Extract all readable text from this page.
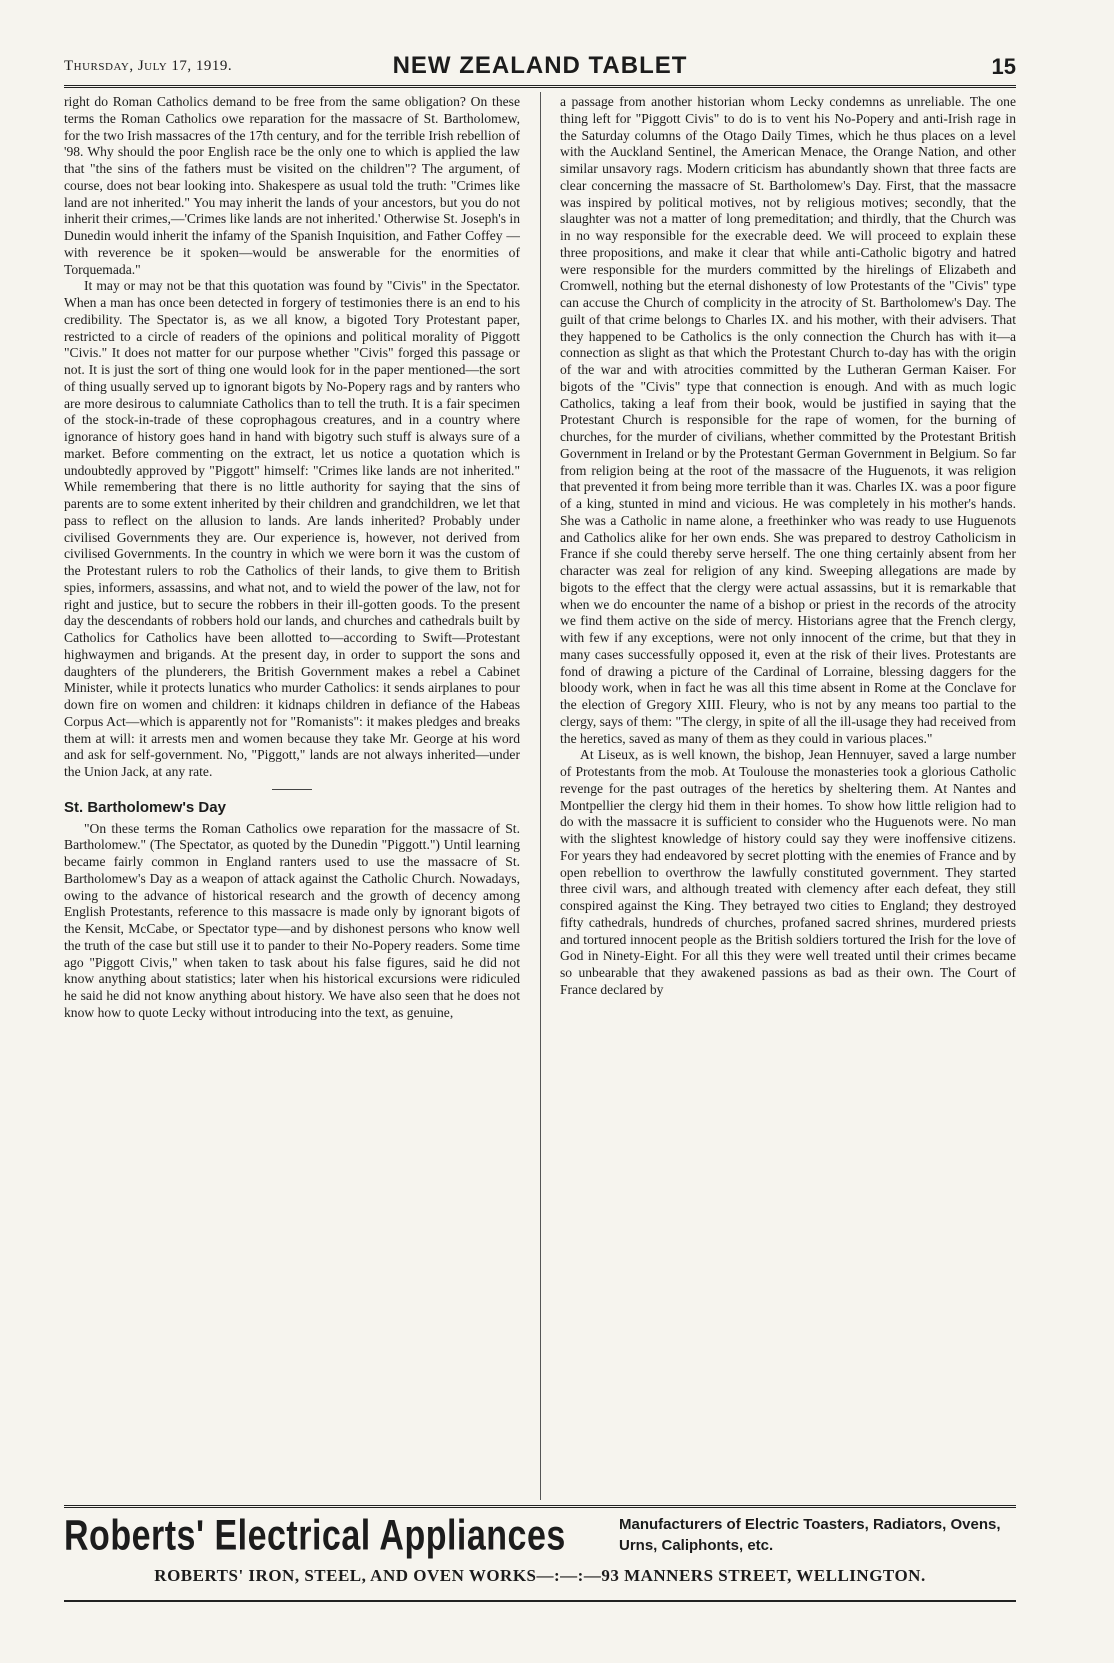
Thursday, July 17, 1919.	NEW ZEALAND TABLET	15

right do Roman Catholics demand to be free from the same obligation? On these terms the Roman Catholics owe reparation for the massacre of St. Bartholomew, for the two Irish massacres of the 17th century, and for the terrible Irish rebellion of '98. Why should the poor English race be the only one to which is applied the law that "the sins of the fathers must be visited on the children"? The argument, of course, does not bear looking into. Shakespere as usual told the truth: "Crimes like land are not inherited." You may inherit the lands of your ancestors, but you do not inherit their crimes,—'Crimes like lands are not inherited.' Otherwise St. Joseph's in Dunedin would inherit the infamy of the Spanish Inquisition, and Father Coffey —with reverence be it spoken—would be answerable for the enormities of Torquemada."

It may or may not be that this quotation was found by "Civis" in the Spectator. When a man has once been detected in forgery of testimonies there is an end to his credibility. The Spectator is, as we all know, a bigoted Tory Protestant paper, restricted to a circle of readers of the opinions and political morality of Piggott "Civis." It does not matter for our purpose whether "Civis" forged this passage or not. It is just the sort of thing one would look for in the paper mentioned—the sort of thing usually served up to ignorant bigots by No-Popery rags and by ranters who are more desirous to calumniate Catholics than to tell the truth. It is a fair specimen of the stock-in-trade of these coprophagous creatures, and in a country where ignorance of history goes hand in hand with bigotry such stuff is always sure of a market. Before commenting on the extract, let us notice a quotation which is undoubtedly approved by "Piggott" himself: "Crimes like lands are not inherited." While remembering that there is no little authority for saying that the sins of parents are to some extent inherited by their children and grandchildren, we let that pass to reflect on the allusion to lands. Are lands inherited? Probably under civilised Governments they are. Our experience is, however, not derived from civilised Governments. In the country in which we were born it was the custom of the Protestant rulers to rob the Catholics of their lands, to give them to British spies, informers, assassins, and what not, and to wield the power of the law, not for right and justice, but to secure the robbers in their ill-gotten goods. To the present day the descendants of robbers hold our lands, and churches and cathedrals built by Catholics for Catholics have been allotted to—according to Swift—Protestant highwaymen and brigands. At the present day, in order to support the sons and daughters of the plunderers, the British Government makes a rebel a Cabinet Minister, while it protects lunatics who murder Catholics: it sends airplanes to pour down fire on women and children: it kidnaps children in defiance of the Habeas Corpus Act—which is apparently not for "Romanists": it makes pledges and breaks them at will: it arrests men and women because they take Mr. George at his word and ask for self-government. No, "Piggott," lands are not always inherited—under the Union Jack, at any rate.

St. Bartholomew's Day

"On these terms the Roman Catholics owe reparation for the massacre of St. Bartholomew." (The Spectator, as quoted by the Dunedin "Piggott.") Until learning became fairly common in England ranters used to use the massacre of St. Bartholomew's Day as a weapon of attack against the Catholic Church. Nowadays, owing to the advance of historical research and the growth of decency among English Protestants, reference to this massacre is made only by ignorant bigots of the Kensit, McCabe, or Spectator type—and by dishonest persons who know well the truth of the case but still use it to pander to their No-Popery readers. Some time ago "Piggott Civis," when taken to task about his false figures, said he did not know anything about statistics; later when his historical excursions were ridiculed he said he did not know anything about history. We have also seen that he does not know how to quote Lecky without introducing into the text, as genuine,

a passage from another historian whom Lecky condemns as unreliable. The one thing left for "Piggott Civis" to do is to vent his No-Popery and anti-Irish rage in the Saturday columns of the Otago Daily Times, which he thus places on a level with the Auckland Sentinel, the American Menace, the Orange Nation, and other similar unsavory rags. Modern criticism has abundantly shown that three facts are clear concerning the massacre of St. Bartholomew's Day. First, that the massacre was inspired by political motives, not by religious motives; secondly, that the slaughter was not a matter of long premeditation; and thirdly, that the Church was in no way responsible for the execrable deed. We will proceed to explain these three propositions, and make it clear that while anti-Catholic bigotry and hatred were responsible for the murders committed by the hirelings of Elizabeth and Cromwell, nothing but the eternal dishonesty of low Protestants of the "Civis" type can accuse the Church of complicity in the atrocity of St. Bartholomew's Day. The guilt of that crime belongs to Charles IX. and his mother, with their advisers. That they happened to be Catholics is the only connection the Church has with it—a connection as slight as that which the Protestant Church to-day has with the origin of the war and with atrocities committed by the Lutheran German Kaiser. For bigots of the "Civis" type that connection is enough. And with as much logic Catholics, taking a leaf from their book, would be justified in saying that the Protestant Church is responsible for the rape of women, for the burning of churches, for the murder of civilians, whether committed by the Protestant British Government in Ireland or by the Protestant German Government in Belgium. So far from religion being at the root of the massacre of the Huguenots, it was religion that prevented it from being more terrible than it was. Charles IX. was a poor figure of a king, stunted in mind and vicious. He was completely in his mother's hands. She was a Catholic in name alone, a freethinker who was ready to use Huguenots and Catholics alike for her own ends. She was prepared to destroy Catholicism in France if she could thereby serve herself. The one thing certainly absent from her character was zeal for religion of any kind. Sweeping allegations are made by bigots to the effect that the clergy were actual assassins, but it is remarkable that when we do encounter the name of a bishop or priest in the records of the atrocity we find them active on the side of mercy. Historians agree that the French clergy, with few if any exceptions, were not only innocent of the crime, but that they in many cases successfully opposed it, even at the risk of their lives. Protestants are fond of drawing a picture of the Cardinal of Lorraine, blessing daggers for the bloody work, when in fact he was all this time absent in Rome at the Conclave for the election of Gregory XIII. Fleury, who is not by any means too partial to the clergy, says of them: "The clergy, in spite of all the ill-usage they had received from the heretics, saved as many of them as they could in various places."

At Liseux, as is well known, the bishop, Jean Hennuyer, saved a large number of Protestants from the mob. At Toulouse the monasteries took a glorious Catholic revenge for the past outrages of the heretics by sheltering them. At Nantes and Montpellier the clergy hid them in their homes. To show how little religion had to do with the massacre it is sufficient to consider who the Huguenots were. No man with the slightest knowledge of history could say they were inoffensive citizens. For years they had endeavored by secret plotting with the enemies of France and by open rebellion to overthrow the lawfully constituted government. They started three civil wars, and although treated with clemency after each defeat, they still conspired against the King. They betrayed two cities to England; they destroyed fifty cathedrals, hundreds of churches, profaned sacred shrines, murdered priests and tortured innocent people as the British soldiers tortured the Irish for the love of God in Ninety-Eight. For all this they were well treated until their crimes became so unbearable that they awakened passions as bad as their own. The Court of France declared by

Roberts' Electrical Appliances	Manufacturers of Electric Toasters, Radiators, Ovens, Urns, Caliphonts, etc.
ROBERTS' IRON, STEEL, AND OVEN WORKS—:—:—93 MANNERS STREET, WELLINGTON.
